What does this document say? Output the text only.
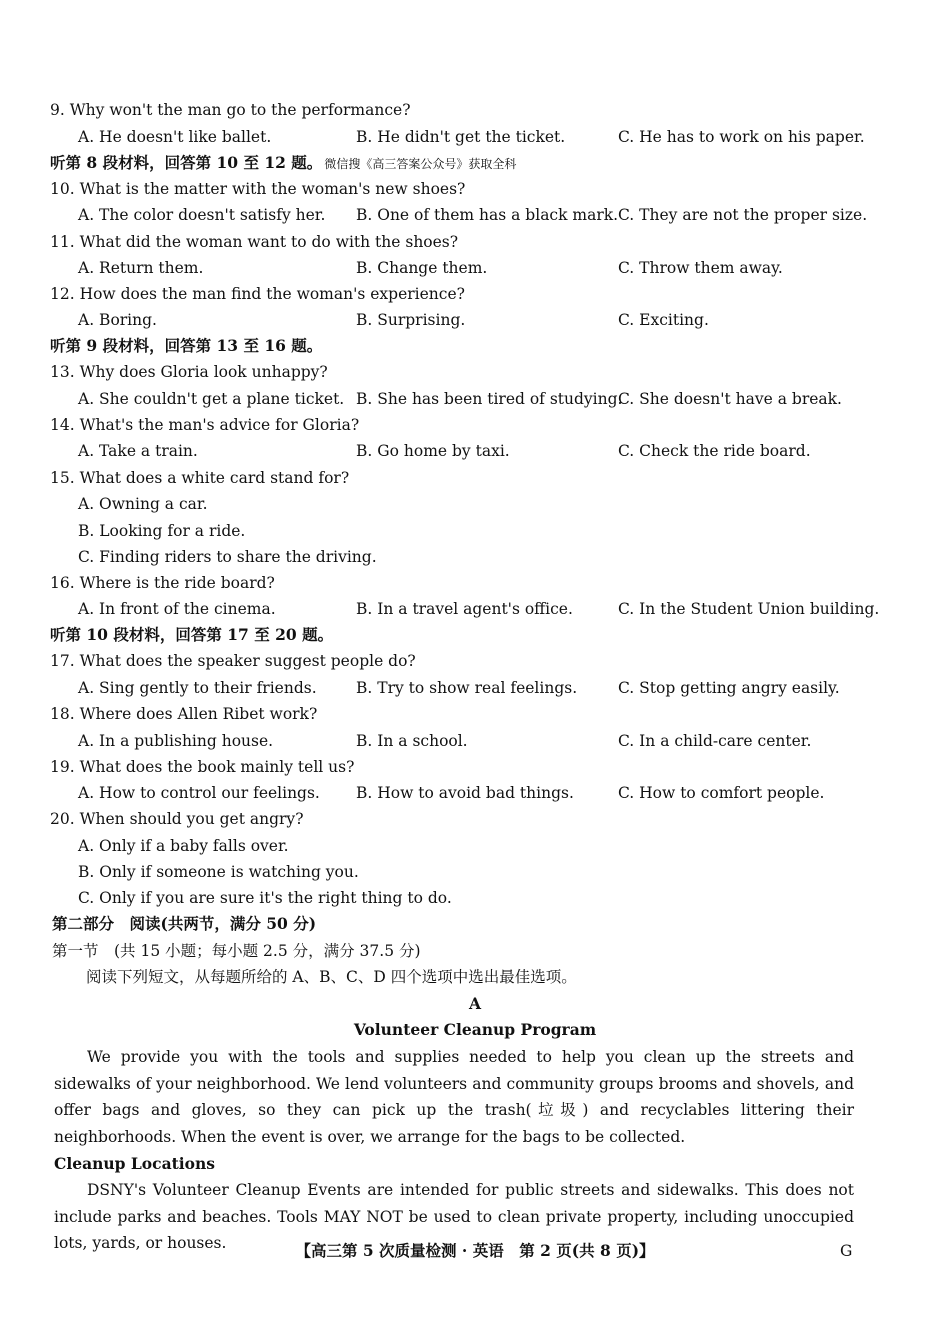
9. Why won't the man go to the performance?
A. He doesn't like ballet.	B. He didn't get the ticket.	C. He has to work on his paper.
听第 8 段材料，回答第 10 至 12 题。 微信搜《高三答案公众号》获取全科
10. What is the matter with the woman's new shoes?
A. The color doesn't satisfy her. B. One of them has a black mark. C. They are not the proper size.
11. What did the woman want to do with the shoes?
A. Return them.	B. Change them.	C. Throw them away.
12. How does the man find the woman's experience?
A. Boring.	B. Surprising.	C. Exciting.
听第 9 段材料，回答第 13 至 16 题。
13. Why does Gloria look unhappy?
A. She couldn't get a plane ticket. B. She has been tired of studying.
C. She doesn't have a break.
14. What's the man's advice for Gloria?
A. Take a train.	B. Go home by taxi.	C. Check the ride board.
15. What does a white card stand for?
A. Owning a car.
B. Looking for a ride.
C. Finding riders to share the driving.
16. Where is the ride board?
A. In front of the cinema.	B. In a travel agent's office.	C. In the Student Union building.
听第 10 段材料，回答第 17 至 20 题。
17. What does the speaker suggest people do?
A. Sing gently to their friends.	B. Try to show real feelings.	C. Stop getting angry easily.
18. Where does Allen Ribet work?
A. In a publishing house.	B. In a school.	C. In a child-care center.
19. What does the book mainly tell us?
A. How to control our feelings. B. How to avoid bad things.	C. How to comfort people.
20. When should you get angry?
A. Only if a baby falls over.
B. Only if someone is watching you.
C. Only if you are sure it's the right thing to do.
第二部分　阅读(共两节，满分 50 分)
第一节　(共 15 小题；每小题 2.5 分，满分 37.5 分)
阅读下列短文，从每题所给的 A、B、C、D 四个选项中选出最佳选项。
A
Volunteer Cleanup Program
We provide you with the tools and supplies needed to help you clean up the streets and sidewalks of your neighborhood. We lend volunteers and community groups brooms and shovels, and offer bags and gloves, so they can pick up the trash(垃圾) and recyclables littering their neighborhoods. When the event is over, we arrange for the bags to be collected.
Cleanup Locations
DSNY's Volunteer Cleanup Events are intended for public streets and sidewalks. This does not include parks and beaches. Tools MAY NOT be used to clean private property, including unoccupied lots, yards, or houses.	【高三第 5 次质量检测 · 英语　第 2 页(共 8 页)】	G
